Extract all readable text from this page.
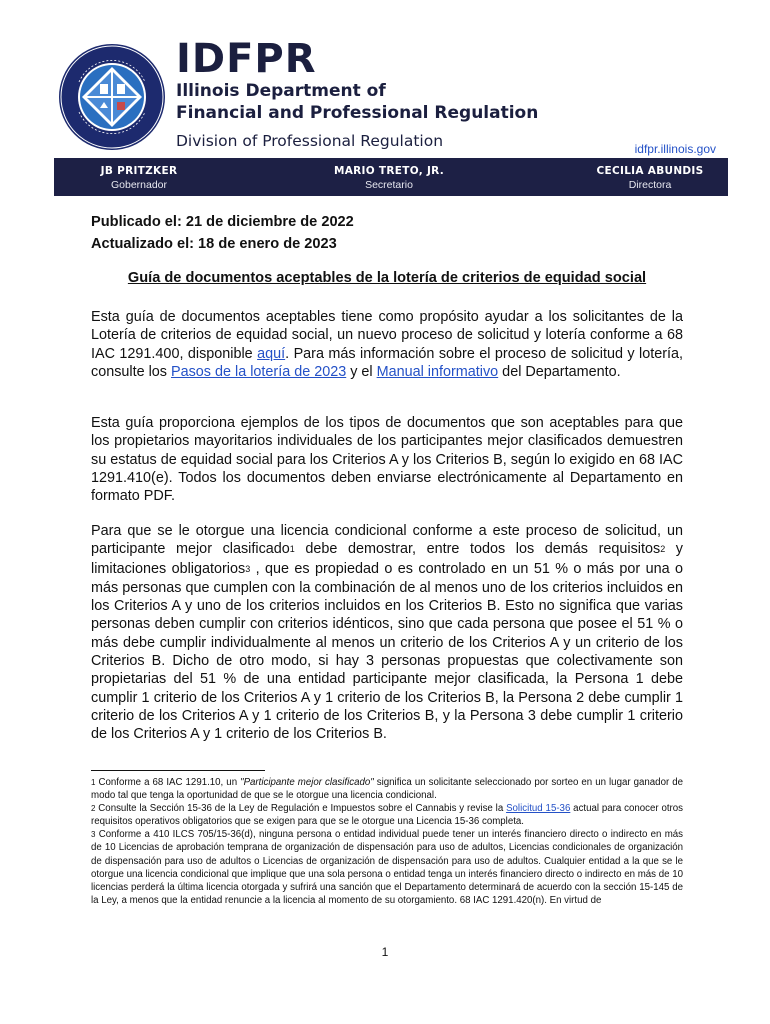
IDFPR
Illinois Department of
Financial and Professional Regulation
Division of Professional Regulation	idfpr.illinois.gov
JB PRITZKER
Gobernador
MARIO TRETO, JR.
Secretario
CECILIA ABUNDIS
Directora
Publicado el: 21 de diciembre de 2022
Actualizado el: 18 de enero de 2023
Guía de documentos aceptables de la lotería de criterios de equidad social
Esta guía de documentos aceptables tiene como propósito ayudar a los solicitantes de la Lotería de criterios de equidad social, un nuevo proceso de solicitud y lotería conforme a 68 IAC 1291.400, disponible aquí. Para más información sobre el proceso de solicitud y lotería, consulte los Pasos de la lotería de 2023 y el Manual informativo del Departamento.
Esta guía proporciona ejemplos de los tipos de documentos que son aceptables para que los propietarios mayoritarios individuales de los participantes mejor clasificados demuestren su estatus de equidad social para los Criterios A y los Criterios B, según lo exigido en 68 IAC 1291.410(e). Todos los documentos deben enviarse electrónicamente al Departamento en formato PDF.
Para que se le otorgue una licencia condicional conforme a este proceso de solicitud, un participante mejor clasificado$^1$ debe demostrar, entre todos los demás requisitos$^2$ y limitaciones obligatorios$^3$ , que es propiedad o es controlado en un 51 % o más por una o más personas que cumplen con la combinación de al menos uno de los criterios incluidos en los Criterios A y uno de los criterios incluidos en los Criterios B. Esto no significa que varias personas deben cumplir con criterios idénticos, sino que cada persona que posee el 51 % o más debe cumplir individualmente al menos un criterio de los Criterios A y un criterio de los Criterios B. Dicho de otro modo, si hay 3 personas propuestas que colectivamente son propietarias del 51 % de una entidad participante mejor clasificada, la Persona 1 debe cumplir 1 criterio de los Criterios A y 1 criterio de los Criterios B, la Persona 2 debe cumplir 1 criterio de los Criterios A y 1 criterio de los Criterios B, y la Persona 3 debe cumplir 1 criterio de los Criterios A y 1 criterio de los Criterios B.

1 Conforme a 68 IAC 1291.10, un "Participante mejor clasificado" significa un solicitante seleccionado por sorteo en un lugar ganador de modo tal que tenga la oportunidad de que se le otorgue una licencia condicional.

2 Consulte la Sección 15-36 de la Ley de Regulación e Impuestos sobre el Cannabis y revise la Solicitud 15-36 actual para conocer otros requisitos operativos obligatorios que se exigen para que se le otorgue una Licencia 15-36 completa.

3 Conforme a 410 ILCS 705/15-36(d), ninguna persona o entidad individual puede tener un interés financiero directo o indirecto en más de 10 Licencias de aprobación temprana de organización de dispensación para uso de adultos, Licencias condicionales de organización de dispensación para uso de adultos o Licencias de organización de dispensación para uso de adultos. Cualquier entidad a la que se le otorgue una licencia condicional que implique que una sola persona o entidad tenga un interés financiero directo o indirecto en más de 10 licencias perderá la última licencia otorgada y sufrirá una sanción que el Departamento determinará de acuerdo con la sección 15-145 de la Ley, a menos que la entidad renuncie a la licencia al momento de su otorgamiento. 68 IAC 1291.420(n). En virtud de

1
